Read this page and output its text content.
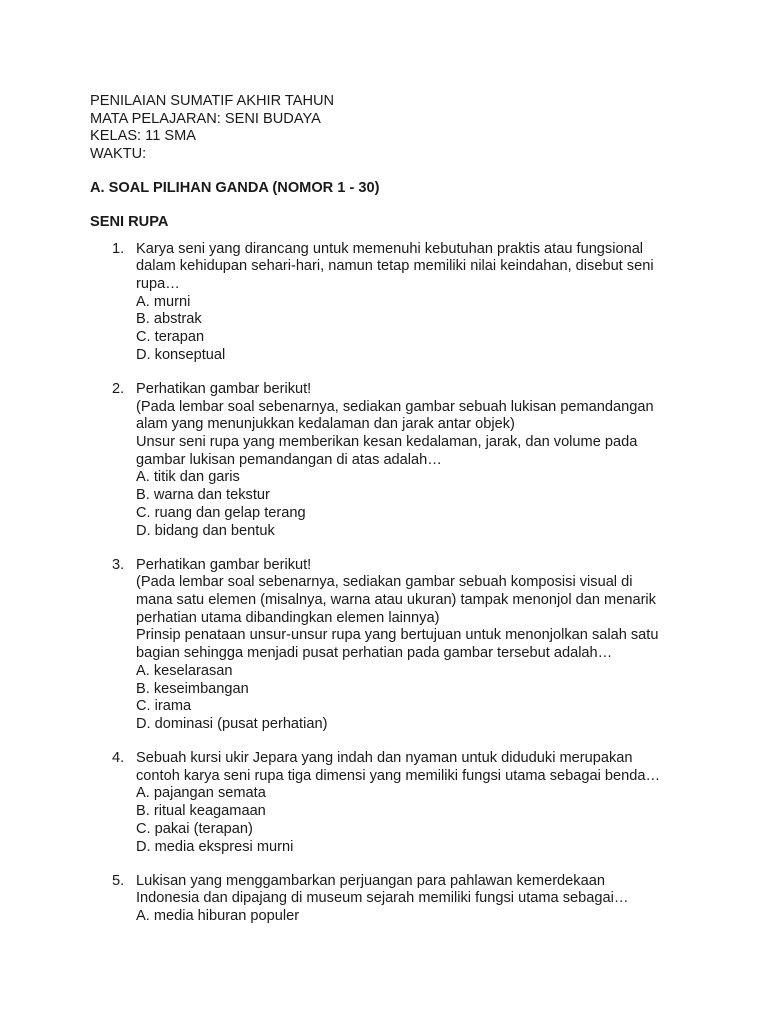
PENILAIAN SUMATIF AKHIR TAHUN

MATA PELAJARAN: SENI BUDAYA

KELAS: 11 SMA

WAKTU:

A. SOAL PILIHAN GANDA (NOMOR 1 - 30)
SENI RUPA
1. Karya seni yang dirancang untuk memenuhi kebutuhan praktis atau fungsional
dalam kehidupan sehari-hari, namun tetap memiliki nilai keindahan, disebut seni
rupa…
A. murni
B. abstrak
C. terapan
D. konseptual
2. Perhatikan gambar berikut!
(Pada lembar soal sebenarnya, sediakan gambar sebuah lukisan pemandangan
alam yang menunjukkan kedalaman dan jarak antar objek)
Unsur seni rupa yang memberikan kesan kedalaman, jarak, dan volume pada
gambar lukisan pemandangan di atas adalah…
A. titik dan garis
B. warna dan tekstur
C. ruang dan gelap terang
D. bidang dan bentuk
3. Perhatikan gambar berikut!
(Pada lembar soal sebenarnya, sediakan gambar sebuah komposisi visual di
mana satu elemen (misalnya, warna atau ukuran) tampak menonjol dan menarik
perhatian utama dibandingkan elemen lainnya)
Prinsip penataan unsur-unsur rupa yang bertujuan untuk menonjolkan salah satu
bagian sehingga menjadi pusat perhatian pada gambar tersebut adalah…
A. keselarasan
B. keseimbangan
C. irama
D. dominasi (pusat perhatian)
4. Sebuah kursi ukir Jepara yang indah dan nyaman untuk diduduki merupakan
contoh karya seni rupa tiga dimensi yang memiliki fungsi utama sebagai benda…
A. pajangan semata
B. ritual keagamaan
C. pakai (terapan)
D. media ekspresi murni
5. Lukisan yang menggambarkan perjuangan para pahlawan kemerdekaan
Indonesia dan dipajang di museum sejarah memiliki fungsi utama sebagai…
A. media hiburan populer
